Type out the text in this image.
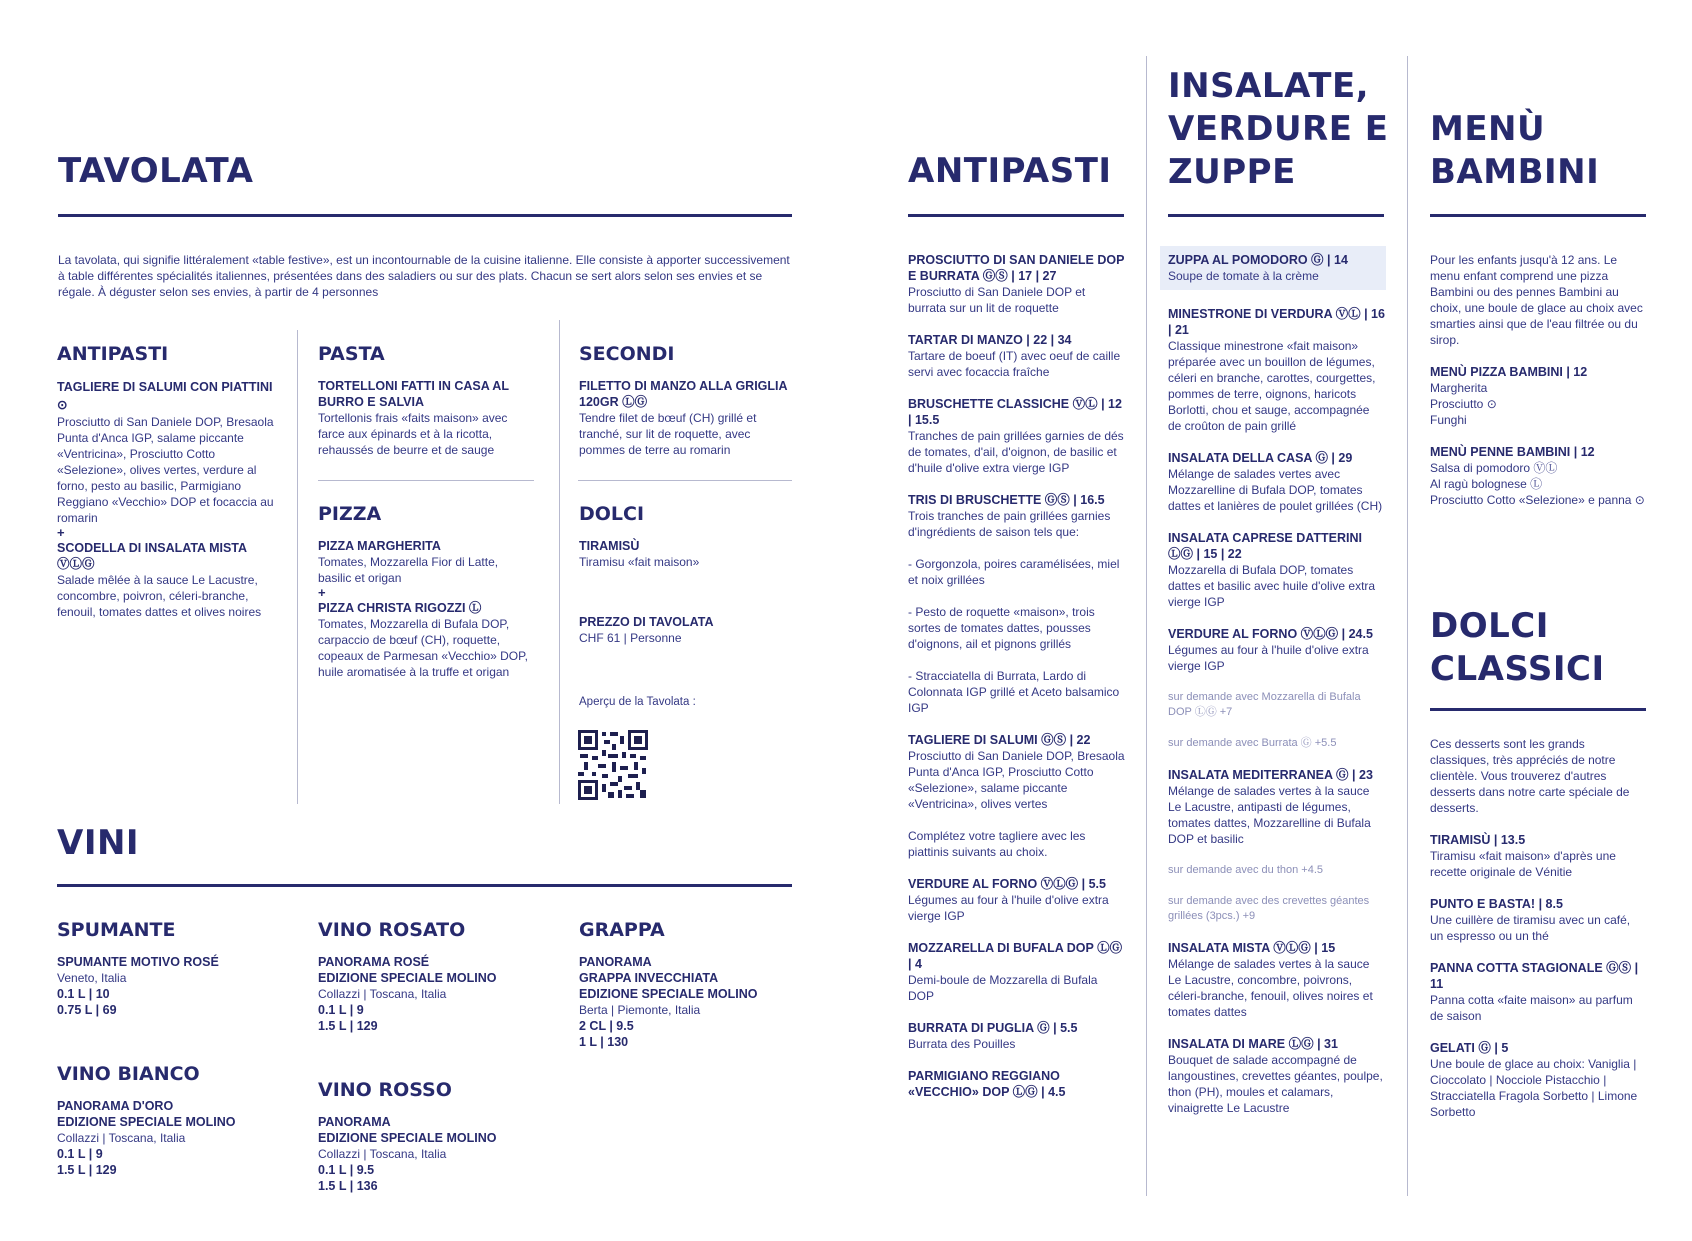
TAVOLATA
La tavolata, qui signifie littéralement «table festive», est un incontournable de la cuisine italienne. Elle consiste à apporter successivement à table différentes spécialités italiennes, présentées dans des saladiers ou sur des plats. Chacun se sert alors selon ses envies et se régale. À déguster selon ses envies, à partir de 4 personnes
ANTIPASTI
TAGLIERE DI SALUMI CON PIATTINI ⊙
Prosciutto di San Daniele DOP, Bresaola Punta d'Anca IGP, salame piccante «Ventricina», Prosciutto Cotto «Selezione», olives vertes, verdure al forno, pesto au basilic, Parmigiano Reggiano «Vecchio» DOP et focaccia au romarin
+
SCODELLA DI INSALATA MISTA ⓋⓁⒼ
Salade mêlée à la sauce Le Lacustre, concombre, poivron, céleri-branche, fenouil, tomates dattes et olives noires
PASTA
TORTELLONI FATTI IN CASA AL BURRO E SALVIA
Tortellonis frais «faits maison» avec farce aux épinards et à la ricotta, rehaussés de beurre et de sauge
PIZZA
PIZZA MARGHERITA
Tomates, Mozzarella Fior di Latte, basilic et origan
+
PIZZA CHRISTA RIGOZZI Ⓛ
Tomates, Mozzarella di Bufala DOP, carpaccio de bœuf (CH), roquette, copeaux de Parmesan «Vecchio» DOP, huile aromatisée à la truffe et origan
SECONDI
FILETTO DI MANZO ALLA GRIGLIA 120GR ⓁⒼ
Tendre filet de bœuf (CH) grillé et tranché, sur lit de roquette, avec pommes de terre au romarin
DOLCI
TIRAMISÙ
Tiramisu «fait maison»
PREZZO DI TAVOLATA
CHF 61 | Personne
Aperçu de la Tavolata :
VINI
SPUMANTE
SPUMANTE MOTIVO ROSÉ
Veneto, Italia
0.1 L | 10
0.75 L | 69
VINO BIANCO
PANORAMA D'ORO
EDIZIONE SPECIALE MOLINO
Collazzi | Toscana, Italia
0.1 L | 9
1.5 L | 129
VINO ROSATO
PANORAMA ROSÉ
EDIZIONE SPECIALE MOLINO
Collazzi | Toscana, Italia
0.1 L | 9
1.5 L | 129
VINO ROSSO
PANORAMA
EDIZIONE SPECIALE MOLINO
Collazzi | Toscana, Italia
0.1 L | 9.5
1.5 L | 136
GRAPPA
PANORAMA
GRAPPA INVECCHIATA
EDIZIONE SPECIALE MOLINO
Berta | Piemonte, Italia
2 CL | 9.5
1 L | 130
ANTIPASTI
PROSCIUTTO DI SAN DANIELE DOP E BURRATA ⒼⓈ | 17 | 27
Prosciutto di San Daniele DOP et burrata sur un lit de roquette
TARTAR DI MANZO | 22 | 34
Tartare de boeuf (IT) avec oeuf de caille servi avec focaccia fraîche
BRUSCHETTE CLASSICHE ⓋⓁ | 12 | 15.5
Tranches de pain grillées garnies de dés de tomates, d'ail, d'oignon, de basilic et d'huile d'olive extra vierge IGP
TRIS DI BRUSCHETTE ⒼⓈ | 16.5
Trois tranches de pain grillées garnies d'ingrédients de saison tels que:
- Gorgonzola, poires caramélisées, miel et noix grillées
- Pesto de roquette «maison», trois sortes de tomates dattes, pousses d'oignons, ail et pignons grillés
- Stracciatella di Burrata, Lardo di Colonnata IGP grillé et Aceto balsamico IGP
TAGLIERE DI SALUMI ⒼⓈ | 22
Prosciutto di San Daniele DOP, Bresaola Punta d'Anca IGP, Prosciutto Cotto «Selezione», salame piccante «Ventricina», olives vertes
Complétez votre tagliere avec les piattinis suivants au choix.
VERDURE AL FORNO ⓋⓁⒼ | 5.5
Légumes au four à l'huile d'olive extra vierge IGP
MOZZARELLA DI BUFALA DOP ⓁⒼ | 4
Demi-boule de Mozzarella di Bufala DOP
BURRATA DI PUGLIA Ⓖ | 5.5
Burrata des Pouilles
PARMIGIANO REGGIANO «VECCHIO» DOP ⓁⒼ | 4.5
INSALATE,
VERDURE E
ZUPPE
ZUPPA AL POMODORO Ⓖ | 14
Soupe de tomate à la crème
MINESTRONE DI VERDURA ⓋⓁ | 16 | 21
Classique minestrone «fait maison» préparée avec un bouillon de légumes, céleri en branche, carottes, courgettes, pommes de terre, oignons, haricots Borlotti, chou et sauge, accompagnée de croûton de pain grillé
INSALATA DELLA CASA Ⓖ | 29
Mélange de salades vertes avec Mozzarelline di Bufala DOP, tomates dattes et lanières de poulet grillées (CH)
INSALATA CAPRESE DATTERINI ⓁⒼ | 15 | 22
Mozzarella di Bufala DOP, tomates dattes et basilic avec huile d'olive extra vierge IGP
VERDURE AL FORNO ⓋⓁⒼ | 24.5
Légumes au four à l'huile d'olive extra vierge IGP
sur demande avec Mozzarella di Bufala DOP ⓁⒼ +7
sur demande avec Burrata Ⓖ +5.5
INSALATA MEDITERRANEA Ⓖ | 23
Mélange de salades vertes à la sauce Le Lacustre, antipasti de légumes, tomates dattes, Mozzarelline di Bufala DOP et basilic
sur demande avec du thon +4.5
sur demande avec des crevettes géantes grillées (3pcs.) +9
INSALATA MISTA ⓋⓁⒼ | 15
Mélange de salades vertes à la sauce Le Lacustre, concombre, poivrons, céleri-branche, fenouil, olives noires et tomates dattes
INSALATA DI MARE ⓁⒼ | 31
Bouquet de salade accompagné de langoustines, crevettes géantes, poulpe, thon (PH), moules et calamars, vinaigrette Le Lacustre
MENÙ
BAMBINI
Pour les enfants jusqu'à 12 ans. Le menu enfant comprend une pizza Bambini ou des pennes Bambini au choix, une boule de glace au choix avec smarties ainsi que de l'eau filtrée ou du sirop.
MENÙ PIZZA BAMBINI | 12
Margherita
Prosciutto ⊙
Funghi
MENÙ PENNE BAMBINI | 12
Salsa di pomodoro ⓋⓁ
Al ragù bolognese Ⓛ
Prosciutto Cotto «Selezione» e panna ⊙
DOLCI
CLASSICI
Ces desserts sont les grands classiques, très appréciés de notre clientèle. Vous trouverez d'autres desserts dans notre carte spéciale de desserts.
TIRAMISÙ | 13.5
Tiramisu «fait maison» d'après une recette originale de Vénitie
PUNTO E BASTA! | 8.5
Une cuillère de tiramisu avec un café, un espresso ou un thé
PANNA COTTA STAGIONALE ⒼⓈ | 11
Panna cotta «faite maison» au parfum de saison
GELATI Ⓖ | 5
Une boule de glace au choix: Vaniglia | Cioccolato | Nocciole Pistacchio | Stracciatella Fragola Sorbetto | Limone Sorbetto
